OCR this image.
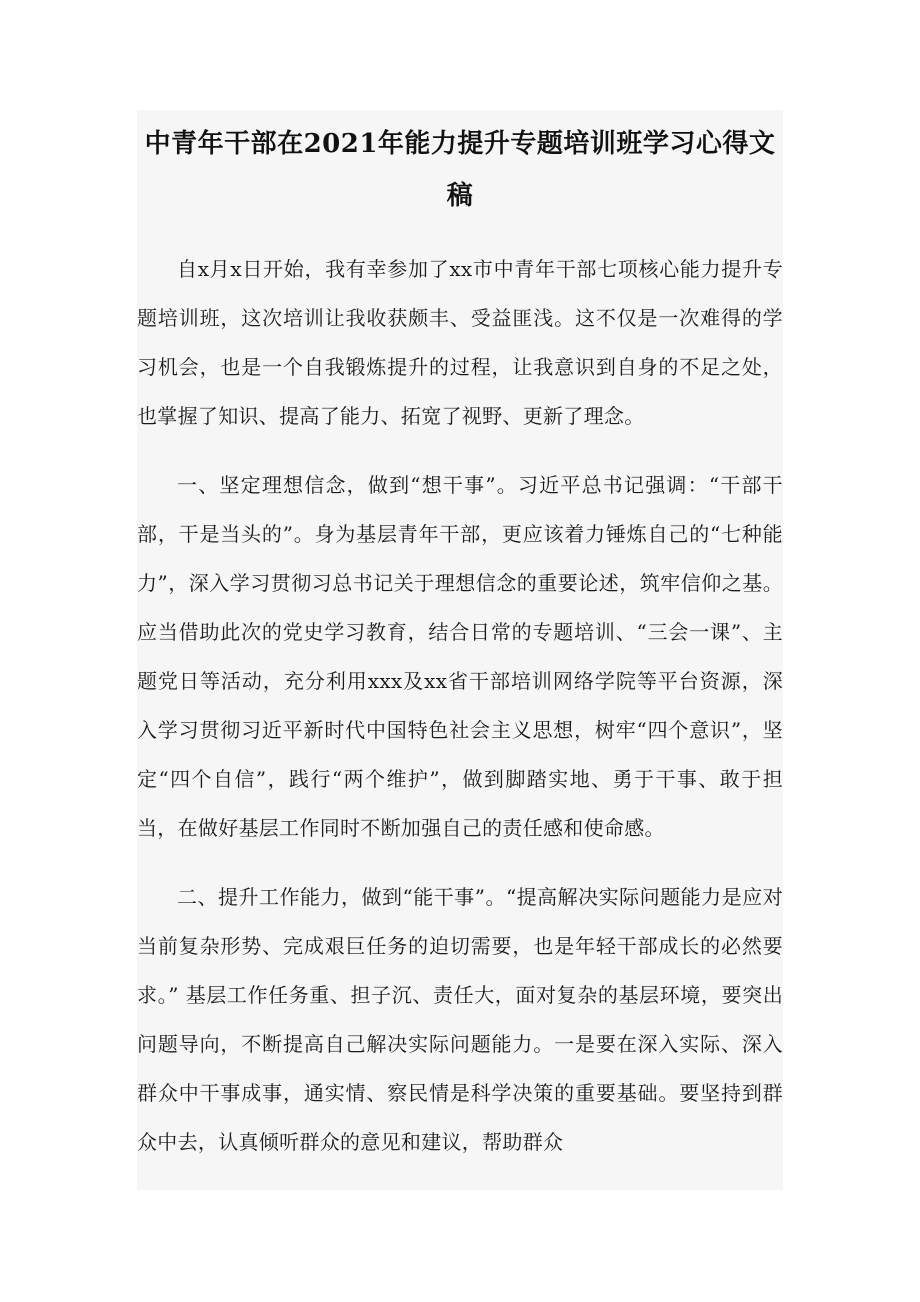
中青年干部在2021年能力提升专题培训班学习心得文稿

自x月x日开始，我有幸参加了xx市中青年干部七项核心能力提升专题培训班，这次培训让我收获颇丰、受益匪浅。这不仅是一次难得的学习机会，也是一个自我锻炼提升的过程，让我意识到自身的不足之处，也掌握了知识、提高了能力、拓宽了视野、更新了理念。

一、坚定理想信念，做到“想干事”。习近平总书记强调：“干部干部，干是当头的”。身为基层青年干部，更应该着力锤炼自己的“七种能力”，深入学习贯彻习总书记关于理想信念的重要论述，筑牢信仰之基。应当借助此次的党史学习教育，结合日常的专题培训、“三会一课”、主题党日等活动，充分利用xxx及xx省干部培训网络学院等平台资源，深入学习贯彻习近平新时代中国特色社会主义思想，树牢“四个意识”，坚定“四个自信”，践行“两个维护”，做到脚踏实地、勇于干事、敢于担当，在做好基层工作同时不断加强自己的责任感和使命感。

二、提升工作能力，做到“能干事”。“提高解决实际问题能力是应对当前复杂形势、完成艰巨任务的迫切需要，也是年轻干部成长的必然要求。” 基层工作任务重、担子沉、责任大，面对复杂的基层环境，要突出问题导向，不断提高自己解决实际问题能力。一是要在深入实际、深入群众中干事成事，通实情、察民情是科学决策的重要基础。要坚持到群众中去，认真倾听群众的意见和建议，帮助群众
